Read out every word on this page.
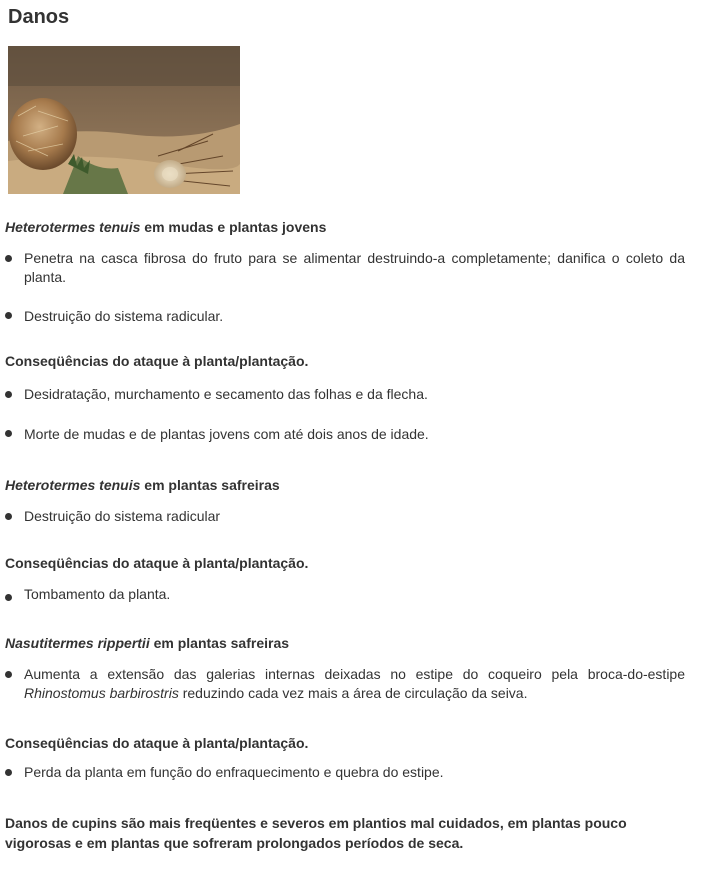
Danos
Heterotermes tenuis em mudas e plantas jovens
Penetra na casca fibrosa do fruto para se alimentar destruindo-a completamente; danifica o coleto da planta.
Destruição do sistema radicular.
Conseqüências do ataque à planta/plantação.
Desidratação, murchamento e secamento das folhas e da flecha.
Morte de mudas e de plantas jovens com até dois anos de idade.
Heterotermes tenuis em plantas safreiras
Destruição do sistema radicular
Conseqüências do ataque à planta/plantação.
Tombamento da planta.
Nasutitermes rippertii em plantas safreiras
Aumenta a extensão das galerias internas deixadas no estipe do coqueiro pela broca-do-estipe Rhinostomus barbirostris reduzindo cada vez mais a área de circulação da seiva.
Conseqüências do ataque à planta/plantação.
Perda da planta em função do enfraquecimento e quebra do estipe.
Danos de cupins são mais freqüentes e severos em plantios mal cuidados, em plantas pouco vigorosas e em plantas que sofreram prolongados períodos de seca.
